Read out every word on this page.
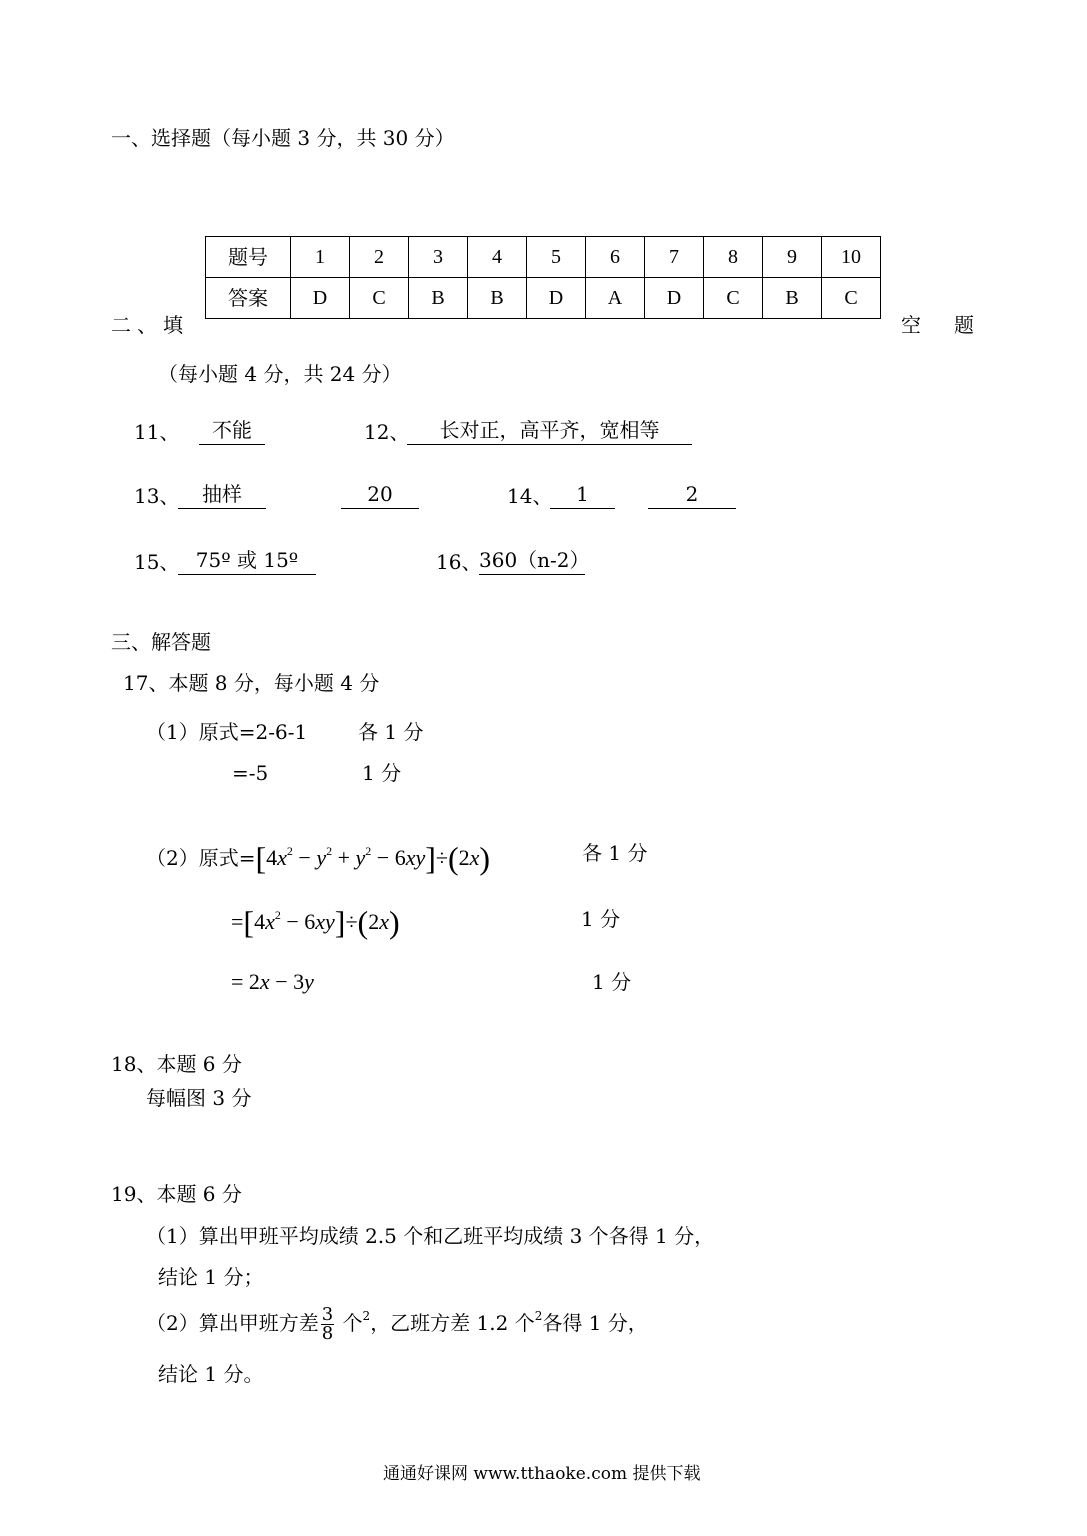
一、选择题（每小题 3 分，共 30 分）
题号	1	2	3	4	5	6	7	8	9	10
答案	D	C	B	B	D	A	D	C	B	C
二、填	空 题
（每小题 4 分，共 24 分）
11、	不能	12、	长对正，高平齐，宽相等
13、	抽样	20	14、	1	2
15、 75º 或 15º	16、
360（n-2）
三、解答题
17、本题 8 分，每小题 4 分
（1）原式=2-6-1	各 1 分
=-5	1 分
（2）原式$=[4x^2 - y^2 + y^2 - 6xy]\div(2x)$	各 1 分
$=[4x^2 - 6xy]\div(2x)$	1 分
= 2x − 3y	1 分
18、本题 6 分
每幅图 3 分
19、本题 6 分
（1）算出甲班平均成绩 2.5 个和乙班平均成绩 3 个各得 1 分，
结论 1 分；
（2）算出甲班方差 $\frac{3}{8}$ 个$^2$，乙班方差 1.2 个$^2$各得 1 分，
结论 1 分。
通通好课网 www.tthaoke.com 提供下载
